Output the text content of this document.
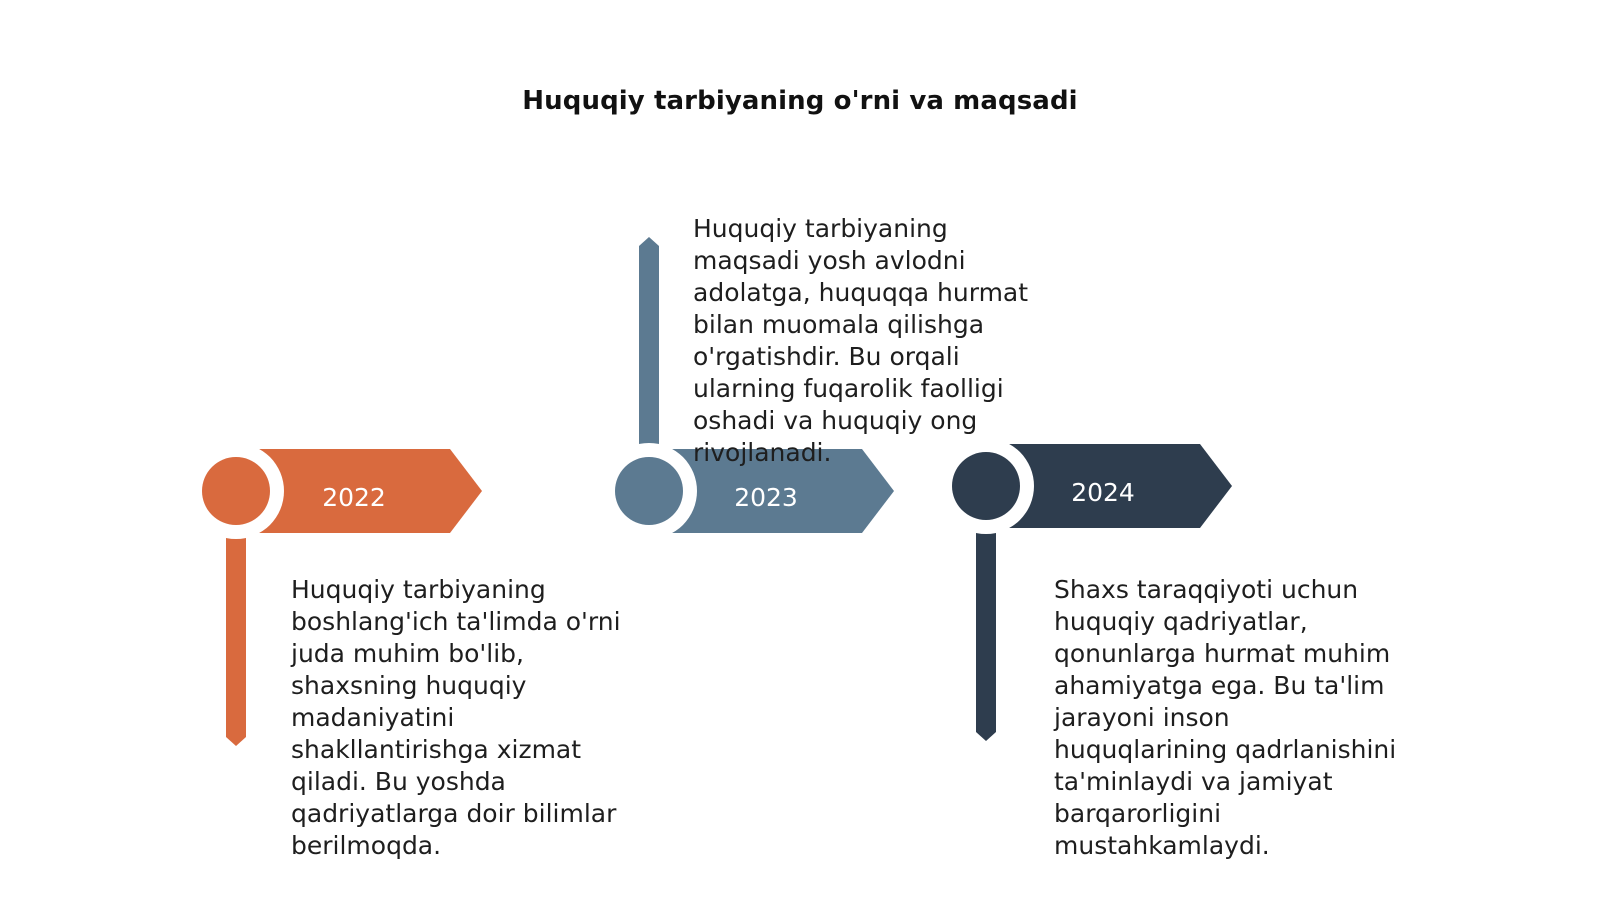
Huquqiy tarbiyaning o'rni va maqsadi
2022	2023	2024
Huquqiy tarbiyaning boshlang'ich ta'limda o'rni juda muhim bo'lib, shaxsning huquqiy madaniyatini shakllantirishga xizmat qiladi. Bu yoshda qadriyatlarga doir bilimlar berilmoqda.
Huquqiy tarbiyaning maqsadi yosh avlodni adolatga, huquqqa hurmat bilan muomala qilishga o'rgatishdir. Bu orqali ularning fuqarolik faolligi oshadi va huquqiy ong rivojlanadi.
Shaxs taraqqiyoti uchun huquqiy qadriyatlar, qonunlarga hurmat muhim ahamiyatga ega. Bu ta'lim jarayoni inson huquqlarining qadrlanishini ta'minlaydi va jamiyat barqarorligini mustahkamlaydi.
